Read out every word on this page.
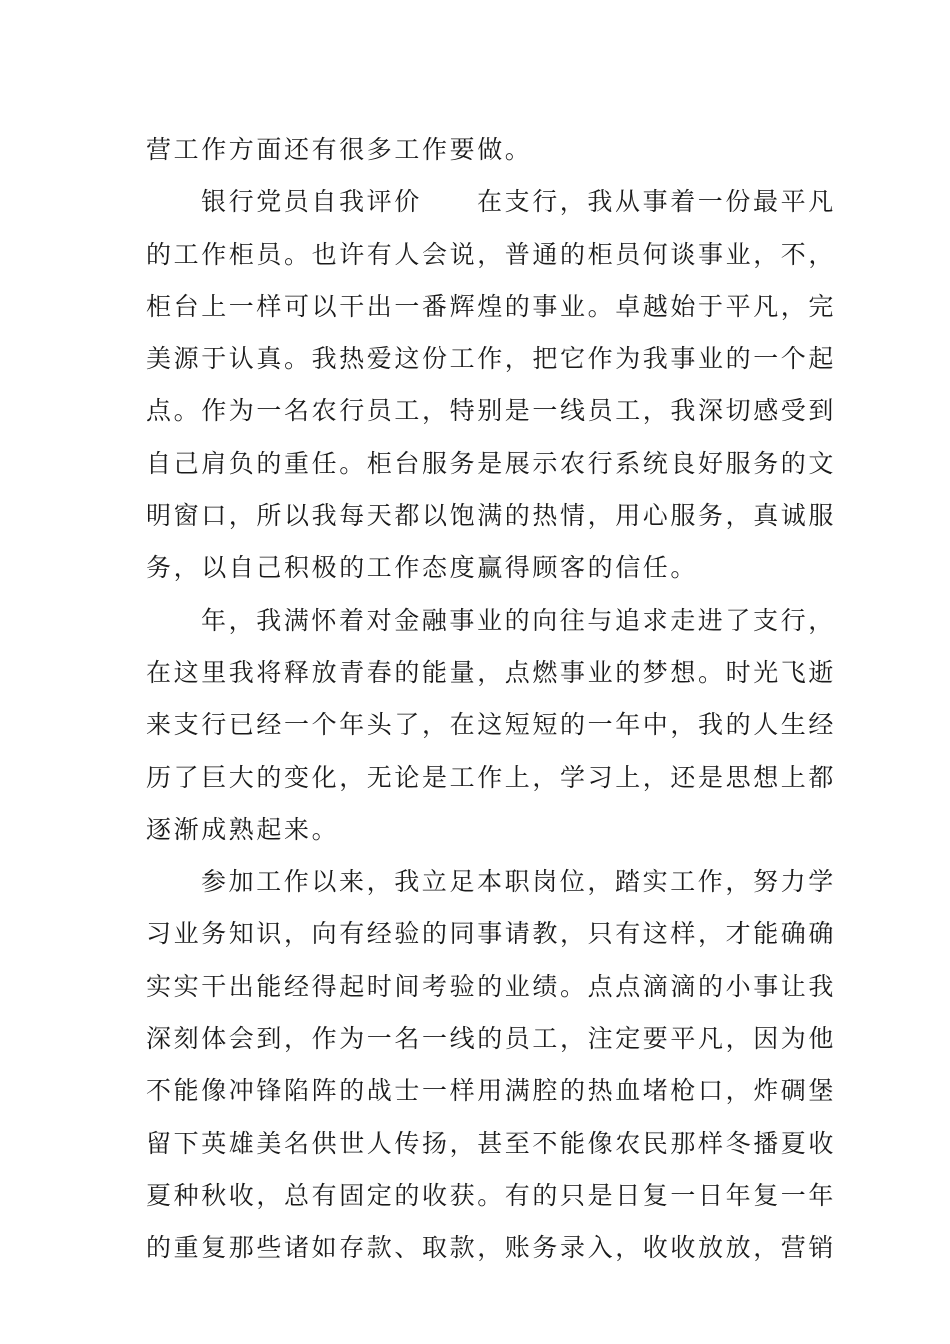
营工作方面还有很多工作要做。
银行党员自我评价　　在支行，我从事着一份最平凡
的工作柜员。也许有人会说，普通的柜员何谈事业，不，
柜台上一样可以干出一番辉煌的事业。卓越始于平凡，完
美源于认真。我热爱这份工作，把它作为我事业的一个起
点。作为一名农行员工，特别是一线员工，我深切感受到
自己肩负的重任。柜台服务是展示农行系统良好服务的文
明窗口，所以我每天都以饱满的热情，用心服务，真诚服
务，以自己积极的工作态度赢得顾客的信任。
年，我满怀着对金融事业的向往与追求走进了支行，
在这里我将释放青春的能量，点燃事业的梦想。时光飞逝
来支行已经一个年头了，在这短短的一年中，我的人生经
历了巨大的变化，无论是工作上，学习上，还是思想上都
逐渐成熟起来。
参加工作以来，我立足本职岗位，踏实工作，努力学
习业务知识，向有经验的同事请教，只有这样，才能确确
实实干出能经得起时间考验的业绩。点点滴滴的小事让我
深刻体会到，作为一名一线的员工，注定要平凡，因为他
不能像冲锋陷阵的战士一样用满腔的热血堵枪口，炸碉堡
留下英雄美名供世人传扬，甚至不能像农民那样冬播夏收
夏种秋收，总有固定的收获。有的只是日复一日年复一年
的重复那些诸如存款、取款，账务录入，收收放放，营销
